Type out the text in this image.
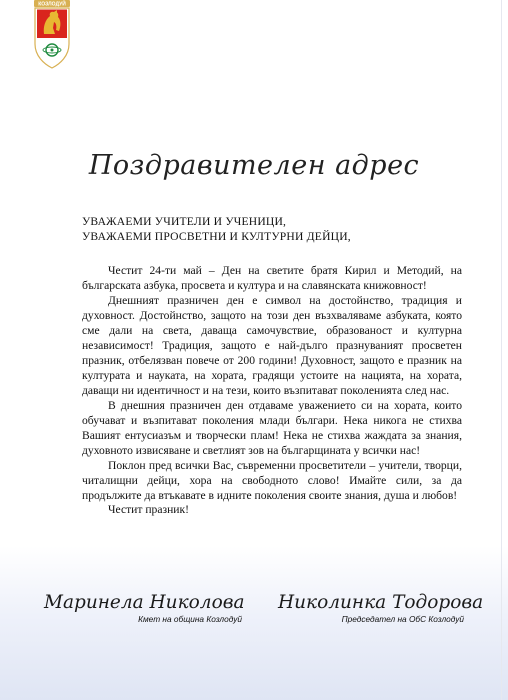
КОЗЛОДУЙ
Поздравителен адрес
УВАЖАЕМИ УЧИТЕЛИ И УЧЕНИЦИ,
УВАЖАЕМИ ПРОСВЕТНИ И КУЛТУРНИ ДЕЙЦИ,

Честит 24-ти май – Ден на светите братя Кирил и Методий, на българската азбука, просвета и култура и на славянската книжовност!

Днешният празничен ден е символ на достойнство, традиция и духовност. Достойнство, защото на този ден възхваляваме азбуката, която сме дали на света, даваща самочувствие, образованост и културна независимост! Традиция, защото е най-дълго празнуваният просветен празник, отбелязван повече от 200 години! Духовност, защото е празник на културата и науката, на хората, градящи устоите на нацията, на хората, даващи ни идентичност и на тези, които възпитават поколенията след нас.

В днешния празничен ден отдаваме уважението си на хората, които обучават и възпитават поколения млади българи. Нека никога не стихва Вашият ентусиазъм и творчески плам! Нека не стихва жаждата за знания, духовното извисяване и светлият зов на българщината у всички нас!

Поклон пред всички Вас, съвременни просветители – учители, творци, читалищни дейци, хора на свободното слово! Имайте сили, за да продължите да втъкавате в идните поколения своите знания, душа и любов!

Честит празник!
Маринела Николова
Кмет на община Козлодуй
Николинка Тодорова
Председател на ОбС Козлодуй
